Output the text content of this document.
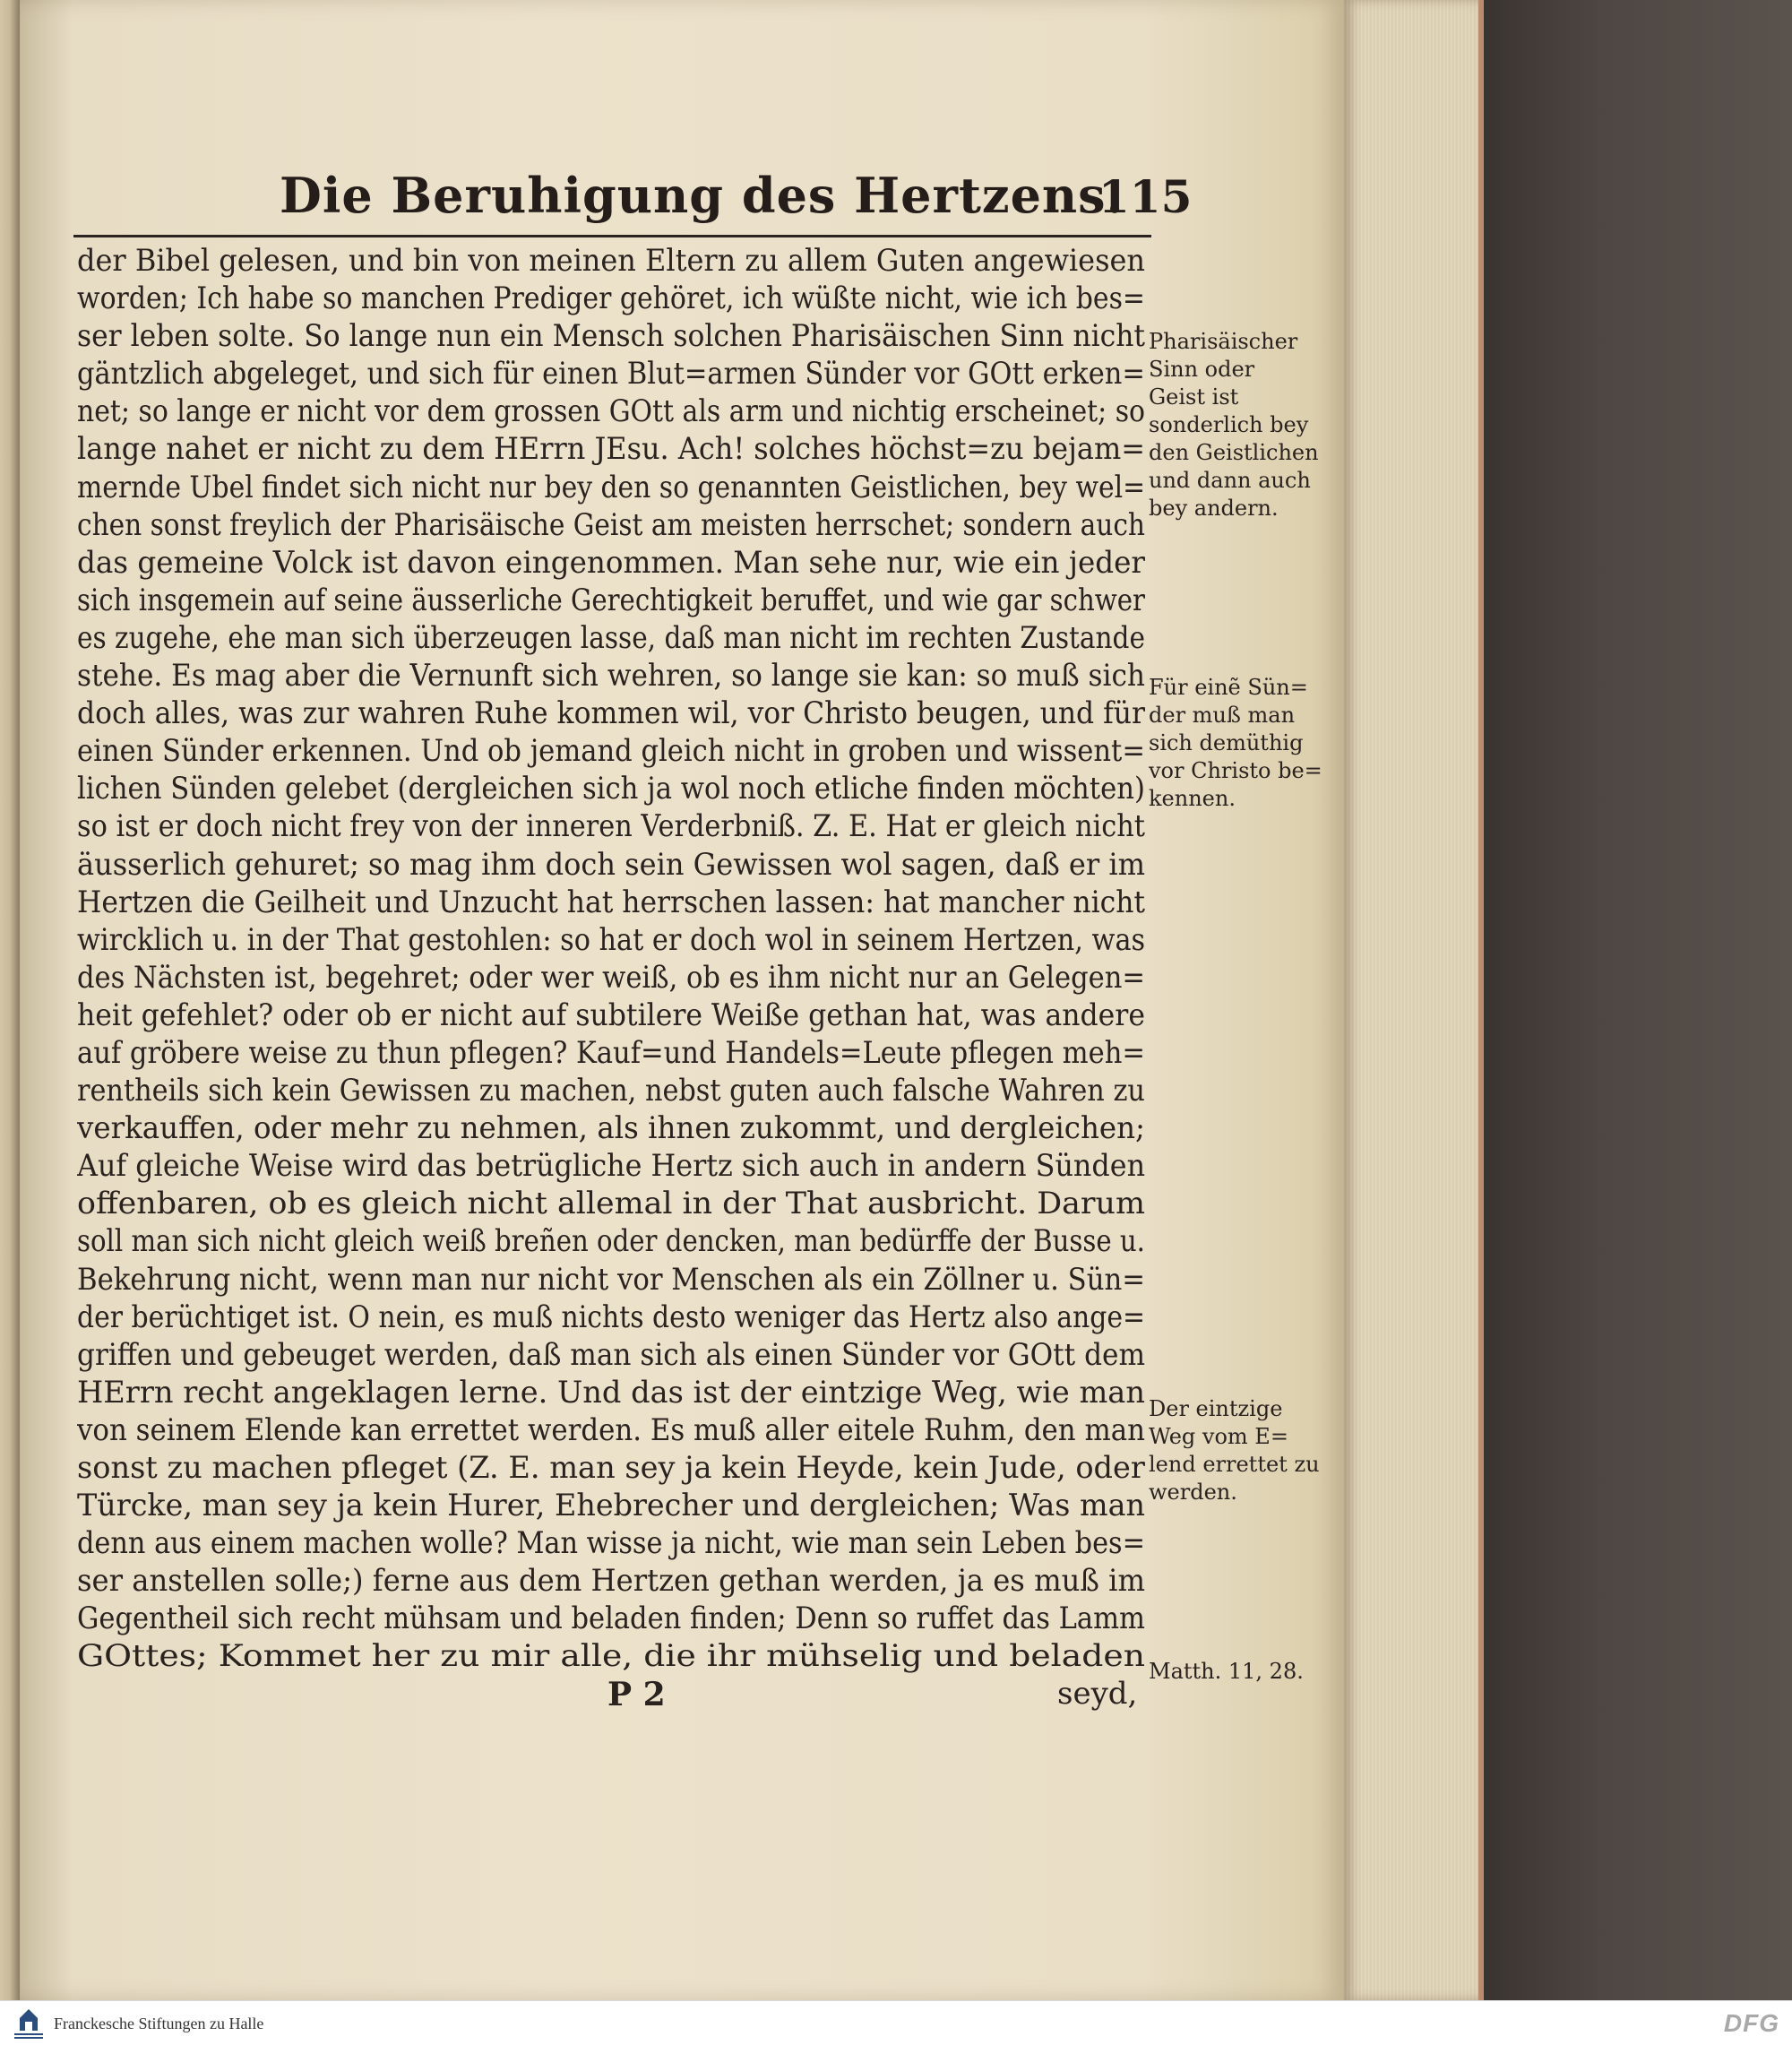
Die Beruhigung des Hertzens.
115
der Bibel gelesen, und bin von meinen Eltern zu allem Guten angewiesen
worden; Ich habe so manchen Prediger gehöret, ich wüßte nicht, wie ich bes=
ser leben solte. So lange nun ein Mensch solchen Pharisäischen Sinn nicht
gäntzlich abgeleget, und sich für einen Blut=armen Sünder vor GOtt erken=
net; so lange er nicht vor dem grossen GOtt als arm und nichtig erscheinet; so
lange nahet er nicht zu dem HErrn JEsu. Ach! solches höchst=zu bejam=
mernde Ubel findet sich nicht nur bey den so genannten Geistlichen, bey wel=
chen sonst freylich der Pharisäische Geist am meisten herrschet; sondern auch
das gemeine Volck ist davon eingenommen. Man sehe nur, wie ein jeder
sich insgemein auf seine äusserliche Gerechtigkeit beruffet, und wie gar schwer
es zugehe, ehe man sich überzeugen lasse, daß man nicht im rechten Zustande
stehe. Es mag aber die Vernunft sich wehren, so lange sie kan: so muß sich
doch alles, was zur wahren Ruhe kommen wil, vor Christo beugen, und für
einen Sünder erkennen. Und ob jemand gleich nicht in groben und wissent=
lichen Sünden gelebet (dergleichen sich ja wol noch etliche finden möchten)
so ist er doch nicht frey von der inneren Verderbniß. Z. E. Hat er gleich nicht
äusserlich gehuret; so mag ihm doch sein Gewissen wol sagen, daß er im
Hertzen die Geilheit und Unzucht hat herrschen lassen: hat mancher nicht
wircklich u. in der That gestohlen: so hat er doch wol in seinem Hertzen, was
des Nächsten ist, begehret; oder wer weiß, ob es ihm nicht nur an Gelegen=
heit gefehlet? oder ob er nicht auf subtilere Weiße gethan hat, was andere
auf gröbere weise zu thun pflegen? Kauf=und Handels=Leute pflegen meh=
rentheils sich kein Gewissen zu machen, nebst guten auch falsche Wahren zu
verkauffen, oder mehr zu nehmen, als ihnen zukommt, und dergleichen;
Auf gleiche Weise wird das betrügliche Hertz sich auch in andern Sünden
offenbaren, ob es gleich nicht allemal in der That ausbricht. Darum
soll man sich nicht gleich weiß breñen oder dencken, man bedürffe der Busse u.
Bekehrung nicht, wenn man nur nicht vor Menschen als ein Zöllner u. Sün=
der berüchtiget ist. O nein, es muß nichts desto weniger das Hertz also ange=
griffen und gebeuget werden, daß man sich als einen Sünder vor GOtt dem
HErrn recht angeklagen lerne. Und das ist der eintzige Weg, wie man
von seinem Elende kan errettet werden. Es muß aller eitele Ruhm, den man
sonst zu machen pfleget (Z. E. man sey ja kein Heyde, kein Jude, oder
Türcke, man sey ja kein Hurer, Ehebrecher und dergleichen; Was man
denn aus einem machen wolle? Man wisse ja nicht, wie man sein Leben bes=
ser anstellen solle;) ferne aus dem Hertzen gethan werden, ja es muß im
Gegentheil sich recht mühsam und beladen finden; Denn so ruffet das Lamm
GOttes; Kommet her zu mir alle, die ihr mühselig und beladen
Pharisäischer
Sinn oder
Geist ist
sonderlich bey
den Geistlichen
und dann auch
bey andern.
Für einẽ Sün=
der muß man
sich demüthig
vor Christo be=
kennen.
Der eintzige
Weg vom E=
lend errettet zu
werden.
Matth. 11, 28.
P 2	seyd,
Franckesche Stiftungen zu Halle	DFG
